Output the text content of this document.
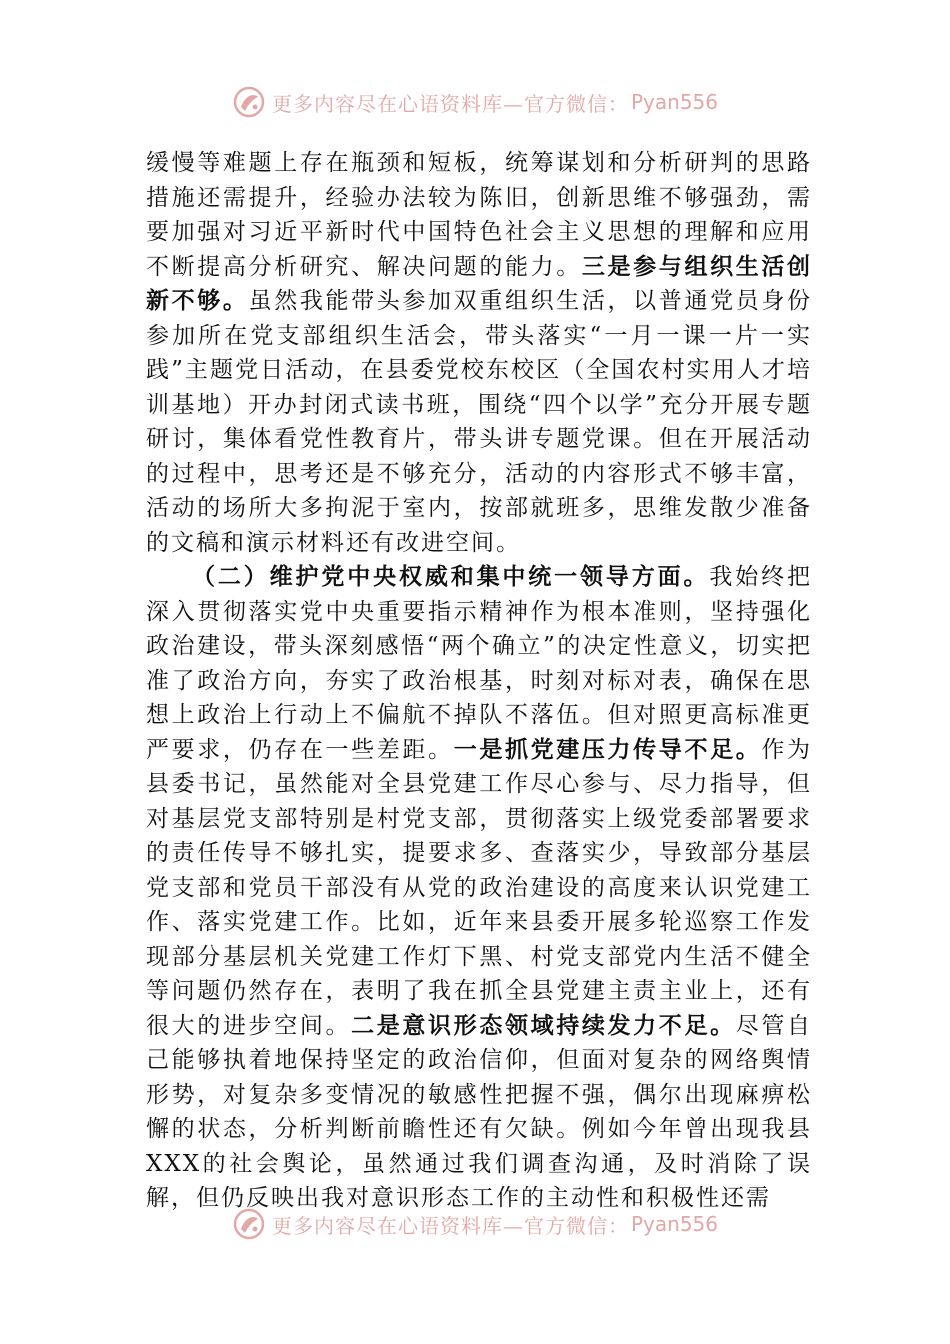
更多内容尽在心语资料库—官方微信： Pyan556

缓慢等难题上存在瓶颈和短板，统筹谋划和分析研判的思路措施还需提升，经验办法较为陈旧，创新思维不够强劲，需要加强对习近平新时代中国特色社会主义思想的理解和应用不断提高分析研究、解决问题的能力。三是参与组织生活创新不够。虽然我能带头参加双重组织生活，以普通党员身份参加所在党支部组织生活会，带头落实“一月一课一片一实践”主题党日活动，在县委党校东校区（全国农村实用人才培训基地）开办封闭式读书班，围绕“四个以学”充分开展专题研讨，集体看党性教育片，带头讲专题党课。但在开展活动的过程中，思考还是不够充分，活动的内容形式不够丰富，活动的场所大多拘泥于室内，按部就班多，思维发散少准备的文稿和演示材料还有改进空间。

（二）维护党中央权威和集中统一领导方面。我始终把深入贯彻落实党中央重要指示精神作为根本准则，坚持强化政治建设，带头深刻感悟“两个确立”的决定性意义，切实把准了政治方向，夯实了政治根基，时刻对标对表，确保在思想上政治上行动上不偏航不掉队不落伍。但对照更高标准更严要求，仍存在一些差距。一是抓党建压力传导不足。作为县委书记，虽然能对全县党建工作尽心参与、尽力指导，但对基层党支部特别是村党支部，贯彻落实上级党委部署要求的责任传导不够扎实，提要求多、查落实少，导致部分基层党支部和党员干部没有从党的政治建设的高度来认识党建工作、落实党建工作。比如，近年来县委开展多轮巡察工作发现部分基层机关党建工作灯下黑、村党支部党内生活不健全等问题仍然存在，表明了我在抓全县党建主责主业上，还有很大的进步空间。二是意识形态领域持续发力不足。尽管自己能够执着地保持坚定的政治信仰，但面对复杂的网络舆情形势，对复杂多变情况的敏感性把握不强，偶尔出现麻痹松懈的状态，分析判断前瞻性还有欠缺。例如今年曾出现我县XXX的社会舆论，虽然通过我们调查沟通，及时消除了误解，但仍反映出我对意识形态工作的主动性和积极性还需

更多内容尽在心语资料库—官方微信： Pyan556
